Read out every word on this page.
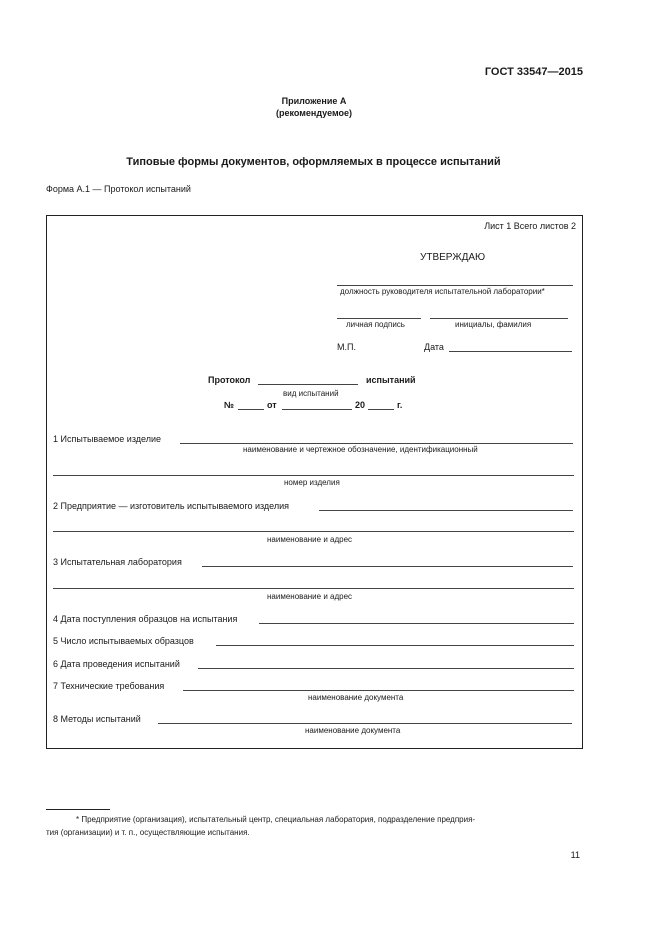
ГОСТ 33547—2015
Приложение А
(рекомендуемое)
Типовые формы документов, оформляемых в процессе испытаний
Форма А.1 — Протокол испытаний
Лист 1 Всего листов 2
УТВЕРЖДАЮ
должность руководителя испытательной лаборатории*
личная подпись	инициалы, фамилия
М.П.	Дата
Протокол	испытаний
вид испытаний
№	от	20	г.
1 Испытываемое изделие
наименование и чертежное обозначение, идентификационный
номер изделия
2 Предприятие — изготовитель испытываемого изделия
наименование и адрес
3 Испытательная лаборатория
наименование и адрес
4 Дата поступления образцов на испытания
5 Число испытываемых образцов
6 Дата проведения испытаний
7 Технические требования
наименование документа
8 Методы испытаний
наименование документа
* Предприятие (организация), испытательный центр, специальная лаборатория, подразделение предприя-
тия (организации) и т. п., осуществляющие испытания.
11
